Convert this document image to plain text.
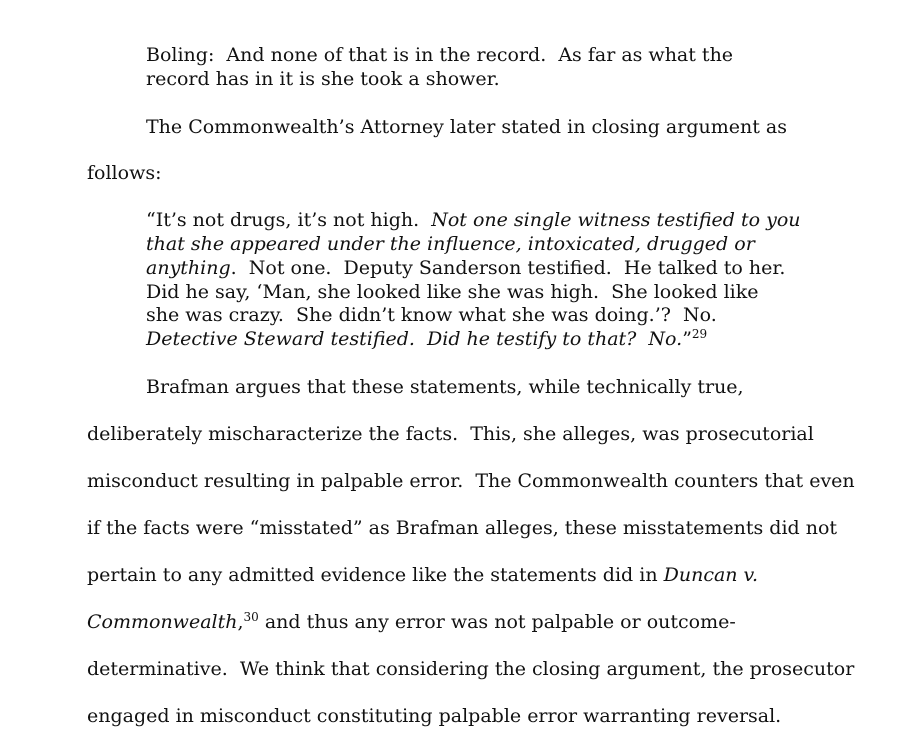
Boling:  And none of that is in the record.  As far as what the
record has in it is she took a shower.
The Commonwealth’s Attorney later stated in closing argument as
follows:
“It’s not drugs, it’s not high.  Not one single witness testified to you
that she appeared under the influence, intoxicated, drugged or
anything.  Not one.  Deputy Sanderson testified.  He talked to her.
Did he say, ‘Man, she looked like she was high.  She looked like
she was crazy.  She didn’t know what she was doing.’?  No.
Detective Steward testified.  Did he testify to that?  No.”$^{29}$
Brafman argues that these statements, while technically true,
deliberately mischaracterize the facts.  This, she alleges, was prosecutorial
misconduct resulting in palpable error.  The Commonwealth counters that even
if the facts were “misstated” as Brafman alleges, these misstatements did not
pertain to any admitted evidence like the statements did in Duncan v.
Commonwealth,$^{30}$ and thus any error was not palpable or outcome-
determinative.  We think that considering the closing argument, the prosecutor
engaged in misconduct constituting palpable error warranting reversal.
